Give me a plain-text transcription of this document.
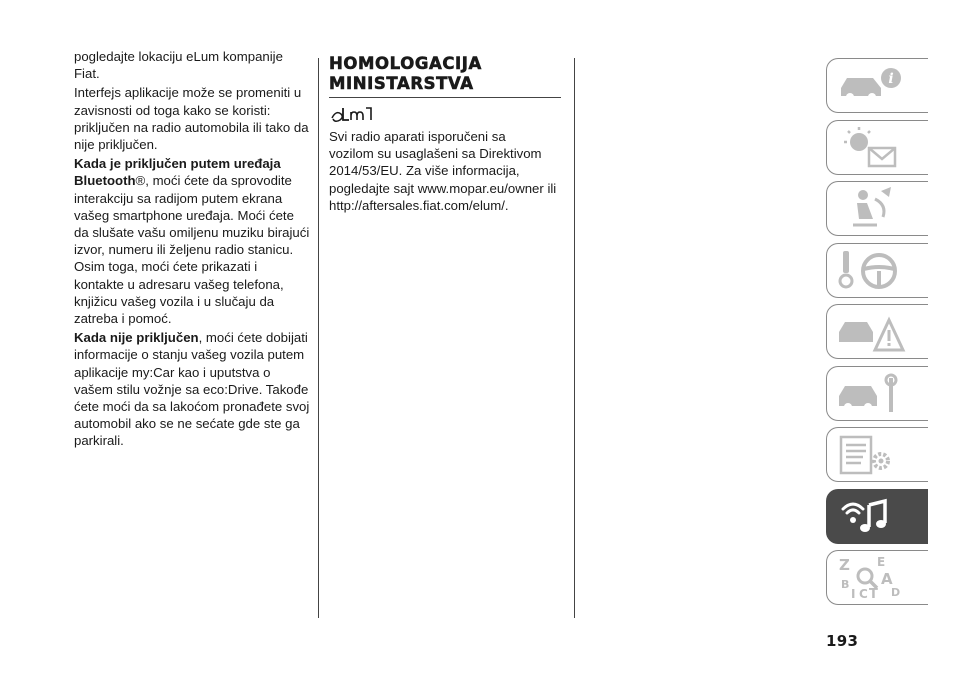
pogledajte lokaciju eLum kompanije Fiat.

Interfejs aplikacije može se promeniti u zavisnosti od toga kako se koristi: priključen na radio automobila ili tako da nije priključen.

Kada je priključen putem uređaja Bluetooth®, moći ćete da sprovodite interakciju sa radijom putem ekrana vašeg smartphone uređaja. Moći ćete da slušate vašu omiljenu muziku birajući izvor, numeru ili željenu radio stanicu. Osim toga, moći ćete prikazati i kontakte u adresaru vašeg telefona, knjižicu vašeg vozila i u slučaju da zatreba i pomoć.

Kada nije priključen, moći ćete dobijati informacije o stanju vašeg vozila putem aplikacije my:Car kao i uputstva o vašem stilu vožnje sa eco:Drive. Takođe ćete moći da sa lakoćom pronađete svoj automobil ako se ne sećate gde ste ga parkirali.

HOMOLOGACIJA
MINISTARSTVA
Svi radio aparati isporučeni sa
vozilom su usaglašeni sa Direktivom
2014/53/EU. Za više informacija,
pogledajte sajt www.mopar.eu/owner ili
http://aftersales.fiat.com/elum/.
i
Z E
B A
I C T D
193
